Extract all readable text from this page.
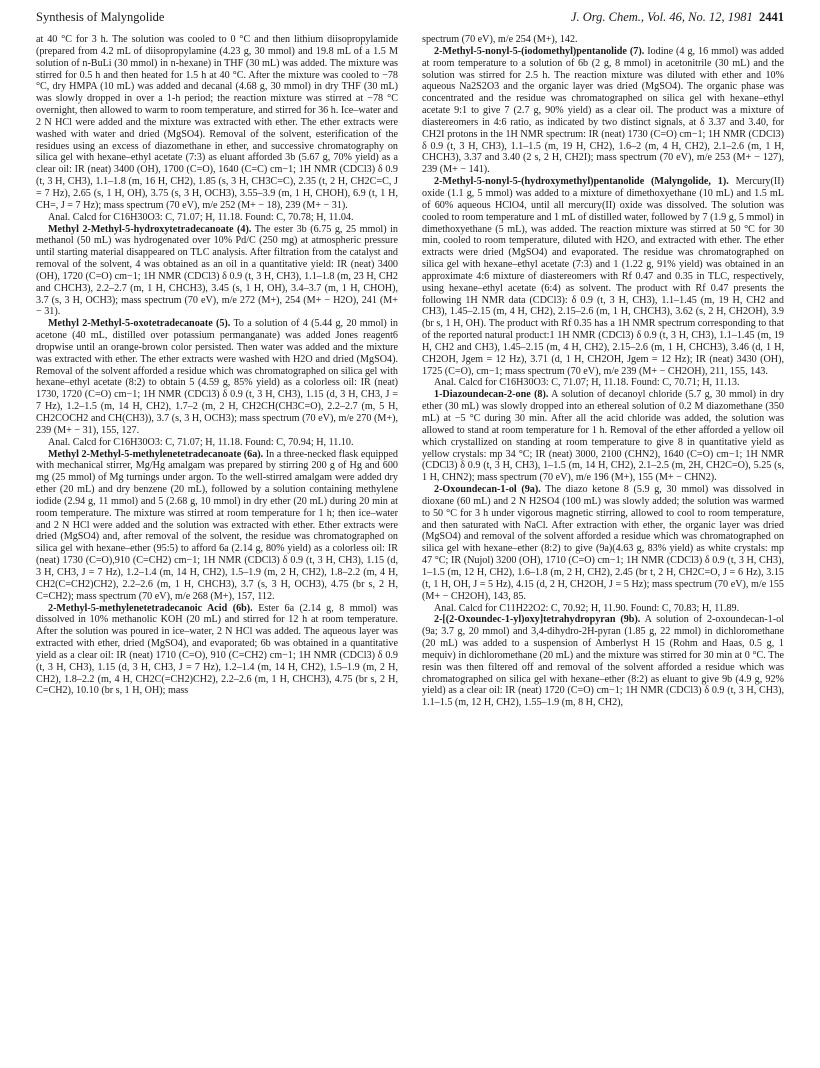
Synthesis of Malyngolide	J. Org. Chem., Vol. 46, No. 12, 1981 2441

at 40 °C for 3 h. The solution was cooled to 0 °C and then lithium diisopropylamide (prepared from 4.2 mL of diisopropylamine (4.23 g, 30 mmol) and 19.8 mL of a 1.5 M solution of n-BuLi (30 mmol) in n-hexane) in THF (30 mL) was added. The mixture was stirred for 0.5 h and then heated for 1.5 h at 40 °C. After the mixture was cooled to −78 °C, dry HMPA (10 mL) was added and decanal (4.68 g, 30 mmol) in dry THF (30 mL) was slowly dropped in over a 1-h period; the reaction mixture was stirred at −78 °C overnight, then allowed to warm to room temperature, and stirred for 36 h. Ice–water and 2 N HCl were added and the mixture was extracted with ether. The ether extracts were washed with water and dried (MgSO4). Removal of the solvent, esterification of the residues using an excess of diazomethane in ether, and successive chromatography on silica gel with hexane–ethyl acetate (7:3) as eluant afforded 3b (5.67 g, 70% yield) as a clear oil: IR (neat) 3400 (OH), 1700 (C=O), 1640 (C=C) cm−1; 1H NMR (CDCl3) δ 0.9 (t, 3 H, CH3), 1.1–1.8 (m, 16 H, CH2), 1.85 (s, 3 H, CH3C=C), 2.35 (t, 2 H, CH2C=C, J = 7 Hz), 2.65 (s, 1 H, OH), 3.75 (s, 3 H, OCH3), 3.55–3.9 (m, 1 H, CHOH), 6.9 (t, 1 H, CH=, J = 7 Hz); mass spectrum (70 eV), m/e 252 (M+ − 18), 239 (M+ − 31).

Anal. Calcd for C16H30O3: C, 71.07; H, 11.18. Found: C, 70.78; H, 11.04.

Methyl 2-Methyl-5-hydroxytetradecanoate (4). The ester 3b (6.75 g, 25 mmol) in methanol (50 mL) was hydrogenated over 10% Pd/C (250 mg) at atmospheric pressure until starting material disappeared on TLC analysis. After filtration from the catalyst and removal of the solvent, 4 was obtained as an oil in a quantitative yield: IR (neat) 3400 (OH), 1720 (C=O) cm−1; 1H NMR (CDCl3) δ 0.9 (t, 3 H, CH3), 1.1–1.8 (m, 23 H, CH2 and CHCH3), 2.2–2.7 (m, 1 H, CHCH3), 3.45 (s, 1 H, OH), 3.4–3.7 (m, 1 H, CHOH), 3.7 (s, 3 H, OCH3); mass spectrum (70 eV), m/e 272 (M+), 254 (M+ − H2O), 241 (M+ − 31).

Methyl 2-Methyl-5-oxotetradecanoate (5). To a solution of 4 (5.44 g, 20 mmol) in acetone (40 mL, distilled over potassium permanganate) was added Jones reagent6 dropwise until an orange-brown color persisted. Then water was added and the mixture was extracted with ether. The ether extracts were washed with H2O and dried (MgSO4). Removal of the solvent afforded a residue which was chromatographed on silica gel with hexane–ethyl acetate (8:2) to obtain 5 (4.59 g, 85% yield) as a colorless oil: IR (neat) 1730, 1720 (C=O) cm−1; 1H NMR (CDCl3) δ 0.9 (t, 3 H, CH3), 1.15 (d, 3 H, CH3, J = 7 Hz), 1.2–1.5 (m, 14 H, CH2), 1.7–2 (m, 2 H, CH2CH(CH3C=O), 2.2–2.7 (m, 5 H, CH2COCH2 and CH(CH3)), 3.7 (s, 3 H, OCH3); mass spectrum (70 eV), m/e 270 (M+), 239 (M+ − 31), 155, 127.

Anal. Calcd for C16H30O3: C, 71.07; H, 11.18. Found: C, 70.94; H, 11.10.

Methyl 2-Methyl-5-methylenetetradecanoate (6a). In a three-necked flask equipped with mechanical stirrer, Mg/Hg amalgam was prepared by stirring 200 g of Hg and 600 mg (25 mmol) of Mg turnings under argon. To the well-stirred amalgam were added dry ether (20 mL) and dry benzene (20 mL), followed by a solution containing methylene iodide (2.94 g, 11 mmol) and 5 (2.68 g, 10 mmol) in dry ether (20 mL) during 20 min at room temperature. The mixture was stirred at room temperature for 1 h; then ice–water and 2 N HCl were added and the solution was extracted with ether. Ether extracts were dried (MgSO4) and, after removal of the solvent, the residue was chromatographed on silica gel with hexane–ether (95:5) to afford 6a (2.14 g, 80% yield) as a colorless oil: IR (neat) 1730 (C=O),910 (C=CH2) cm−1; 1H NMR (CDCl3) δ 0.9 (t, 3 H, CH3), 1.15 (d, 3 H, CH3, J = 7 Hz), 1.2–1.4 (m, 14 H, CH2), 1.5–1.9 (m, 2 H, CH2), 1.8–2.2 (m, 4 H, CH2(C=CH2)CH2), 2.2–2.6 (m, 1 H, CHCH3), 3.7 (s, 3 H, OCH3), 4.75 (br s, 2 H, C=CH2); mass spectrum (70 eV), m/e 268 (M+), 157, 112.

2-Methyl-5-methylenetetradecanoic Acid (6b). Ester 6a (2.14 g, 8 mmol) was dissolved in 10% methanolic KOH (20 mL) and stirred for 12 h at room temperature. After the solution was poured in ice–water, 2 N HCl was added. The aqueous layer was extracted with ether, dried (MgSO4), and evaporated; 6b was obtained in a quantitative yield as a clear oil: IR (neat) 1710 (C=O), 910 (C=CH2) cm−1; 1H NMR (CDCl3) δ 0.9 (t, 3 H, CH3), 1.15 (d, 3 H, CH3, J = 7 Hz), 1.2–1.4 (m, 14 H, CH2), 1.5–1.9 (m, 2 H, CH2), 1.8–2.2 (m, 4 H, CH2C(=CH2)CH2), 2.2–2.6 (m, 1 H, CHCH3), 4.75 (br s, 2 H, C=CH2), 10.10 (br s, 1 H, OH); mass

spectrum (70 eV), m/e 254 (M+), 142.

2-Methyl-5-nonyl-5-(iodomethyl)pentanolide (7). Iodine (4 g, 16 mmol) was added at room temperature to a solution of 6b (2 g, 8 mmol) in acetonitrile (30 mL) and the solution was stirred for 2.5 h. The reaction mixture was diluted with ether and 10% aqueous Na2S2O3 and the organic layer was dried (MgSO4). The organic phase was concentrated and the residue was chromatographed on silica gel with hexane–ethyl acetate 9:1 to give 7 (2.7 g, 90% yield) as a clear oil. The product was a mixture of diastereomers in 4:6 ratio, as indicated by two distinct signals, at δ 3.37 and 3.40, for CH2I protons in the 1H NMR spectrum: IR (neat) 1730 (C=O) cm−1; 1H NMR (CDCl3) δ 0.9 (t, 3 H, CH3), 1.1–1.5 (m, 19 H, CH2), 1.6–2 (m, 4 H, CH2), 2.1–2.6 (m, 1 H, CHCH3), 3.37 and 3.40 (2 s, 2 H, CH2I); mass spectrum (70 eV), m/e 253 (M+ − 127), 239 (M+ − 141).

2-Methyl-5-nonyl-5-(hydroxymethyl)pentanolide (Malyngolide, 1). Mercury(II) oxide (1.1 g, 5 mmol) was added to a mixture of dimethoxyethane (10 mL) and 1.5 mL of 60% aqueous HClO4, until all mercury(II) oxide was dissolved. The solution was cooled to room temperature and 1 mL of distilled water, followed by 7 (1.9 g, 5 mmol) in dimethoxyethane (5 mL), was added. The reaction mixture was stirred at 50 °C for 30 min, cooled to room temperature, diluted with H2O, and extracted with ether. The ether extracts were dried (MgSO4) and evaporated. The residue was chromatographed on silica gel with hexane–ethyl acetate (7:3) and 1 (1.22 g, 91% yield) was obtained in an approximate 4:6 mixture of diastereomers with Rf 0.47 and 0.35 in TLC, respectively, using hexane–ethyl acetate (6:4) as solvent. The product with Rf 0.47 presents the following 1H NMR data (CDCl3): δ 0.9 (t, 3 H, CH3), 1.1–1.45 (m, 19 H, CH2 and CH3), 1.45–2.15 (m, 4 H, CH2), 2.15–2.6 (m, 1 H, CHCH3), 3.62 (s, 2 H, CH2OH), 3.9 (br s, 1 H, OH). The product with Rf 0.35 has a 1H NMR spectrum corresponding to that of the reported natural product:1 1H NMR (CDCl3) δ 0.9 (t, 3 H, CH3), 1.1–1.45 (m, 19 H, CH2 and CH3), 1.45–2.15 (m, 4 H, CH2), 2.15–2.6 (m, 1 H, CHCH3), 3.46 (d, 1 H, CH2OH, Jgem = 12 Hz), 3.71 (d, 1 H, CH2OH, Jgem = 12 Hz); IR (neat) 3430 (OH), 1725 (C=O), cm−1; mass spectrum (70 eV), m/e 239 (M+ − CH2OH), 211, 155, 143.

Anal. Calcd for C16H30O3: C, 71.07; H, 11.18. Found: C, 70.71; H, 11.13.

1-Diazoundecan-2-one (8). A solution of decanoyl chloride (5.7 g, 30 mmol) in dry ether (30 mL) was slowly dropped into an ethereal solution of 0.2 M diazomethane (350 mL) at −5 °C during 30 min. After all the acid chloride was added, the solution was allowed to stand at room temperature for 1 h. Removal of the ether afforded a yellow oil which crystallized on standing at room temperature to give 8 in quantitative yield as yellow crystals: mp 34 °C; IR (neat) 3000, 2100 (CHN2), 1640 (C=O) cm−1; 1H NMR (CDCl3) δ 0.9 (t, 3 H, CH3), 1–1.5 (m, 14 H, CH2), 2.1–2.5 (m, 2H, CH2C=O), 5.25 (s, 1 H, CHN2); mass spectrum (70 eV), m/e 196 (M+), 155 (M+ − CHN2).

2-Oxoundecan-1-ol (9a). The diazo ketone 8 (5.9 g, 30 mmol) was dissolved in dioxane (60 mL) and 2 N H2SO4 (100 mL) was slowly added; the solution was warmed to 50 °C for 3 h under vigorous magnetic stirring, allowed to cool to room temperature, and then saturated with NaCl. After extraction with ether, the organic layer was dried (MgSO4) and removal of the solvent afforded a residue which was chromatographed on silica gel with hexane–ether (8:2) to give (9a)(4.63 g, 83% yield) as white crystals: mp 47 °C; IR (Nujol) 3200 (OH), 1710 (C=O) cm−1; 1H NMR (CDCl3) δ 0.9 (t, 3 H, CH3), 1–1.5 (m, 12 H, CH2), 1.6–1.8 (m, 2 H, CH2), 2.45 (br t, 2 H, CH2C=O, J = 6 Hz), 3.15 (t, 1 H, OH, J = 5 Hz), 4.15 (d, 2 H, CH2OH, J = 5 Hz); mass spectrum (70 eV), m/e 155 (M+ − CH2OH), 143, 85.

Anal. Calcd for C11H22O2: C, 70.92; H, 11.90. Found: C, 70.83; H, 11.89.

2-[(2-Oxoundec-1-yl)oxy]tetrahydropyran (9b). A solution of 2-oxoundecan-1-ol (9a; 3.7 g, 20 mmol) and 3,4-dihydro-2H-pyran (1.85 g, 22 mmol) in dichloromethane (20 mL) was added to a suspension of Amberlyst H 15 (Rohm and Haas, 0.5 g, 1 mequiv) in dichloromethane (20 mL) and the mixture was stirred for 30 min at 0 °C. The resin was then filtered off and removal of the solvent afforded a residue which was chromatographed on silica gel with hexane–ether (8:2) as eluant to give 9b (4.9 g, 92% yield) as a clear oil: IR (neat) 1720 (C=O) cm−1; 1H NMR (CDCl3) δ 0.9 (t, 3 H, CH3), 1.1–1.5 (m, 12 H, CH2), 1.55–1.9 (m, 8 H, CH2),
